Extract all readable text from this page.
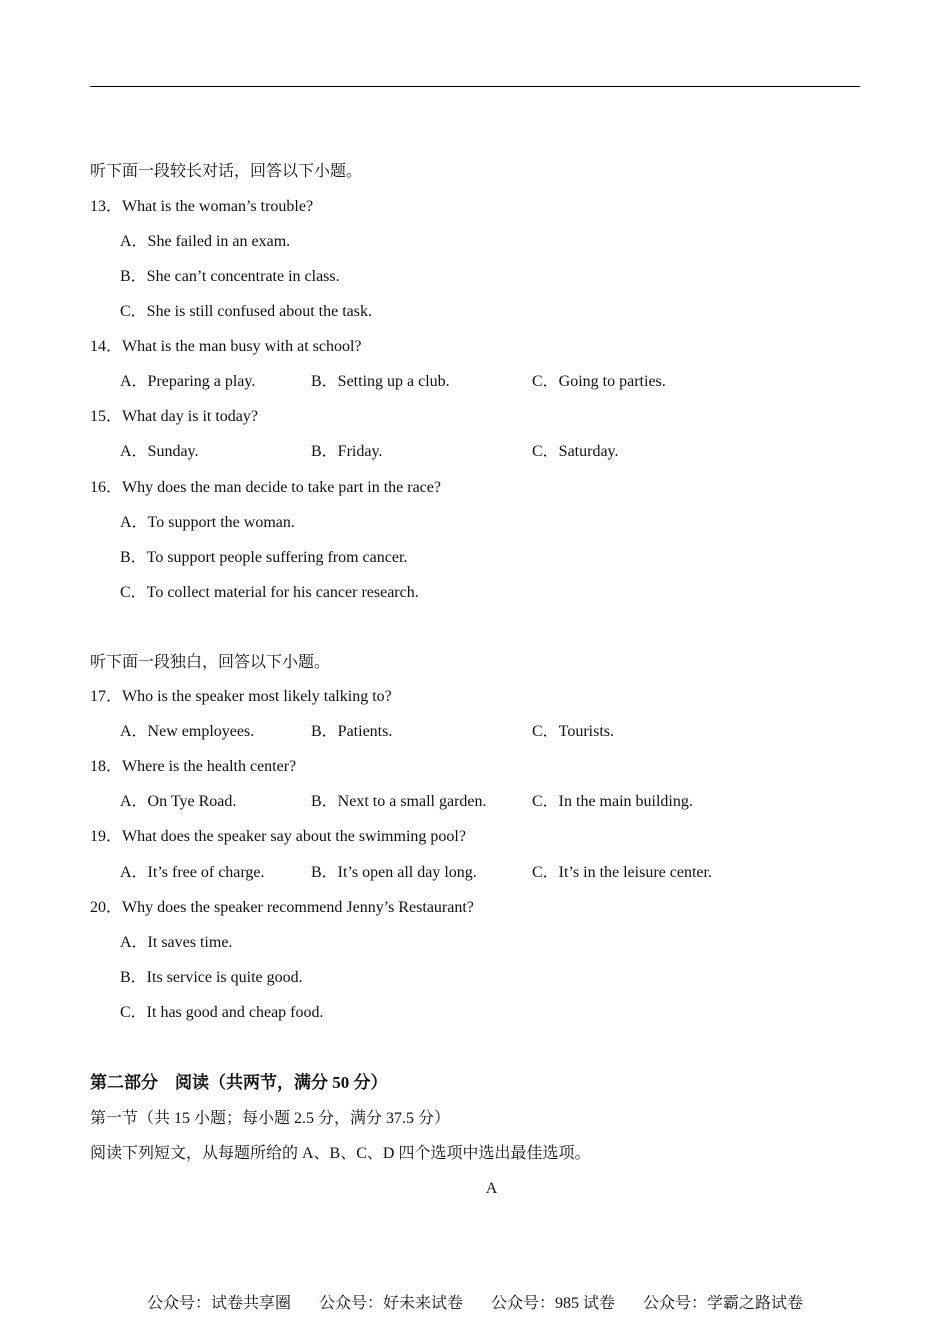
听下面一段较长对话，回答以下小题。
13．What is the woman’s trouble?
A．She failed in an exam.
B．She can’t concentrate in class.
C．She is still confused about the task.
14．What is the man busy with at school?
A．Preparing a play.	B．Setting up a club.	C．Going to parties.
15．What day is it today?
A．Sunday.	B．Friday.	C．Saturday.
16．Why does the man decide to take part in the race?
A．To support the woman.
B．To support people suffering from cancer.
C．To collect material for his cancer research.
听下面一段独白，回答以下小题。
17．Who is the speaker most likely talking to?
A．New employees.	B．Patients.	C．Tourists.
18．Where is the health center?
A．On Tye Road.	B．Next to a small garden.	C．In the main building.
19．What does the speaker say about the swimming pool?
A．It’s free of charge.	B．It’s open all day long.	C．It’s in the leisure center.
20．Why does the speaker recommend Jenny’s Restaurant?
A．It saves time.
B．Its service is quite good.
C．It has good and cheap food.
第二部分　阅读（共两节，满分 50 分）
第一节（共 15 小题；每小题 2.5 分，满分 37.5 分）
阅读下列短文，从每题所给的 A、B、C、D 四个选项中选出最佳选项。
A
公众号：试卷共享圈 公众号：好未来试卷 公众号：985 试卷 公众号：学霸之路试卷
